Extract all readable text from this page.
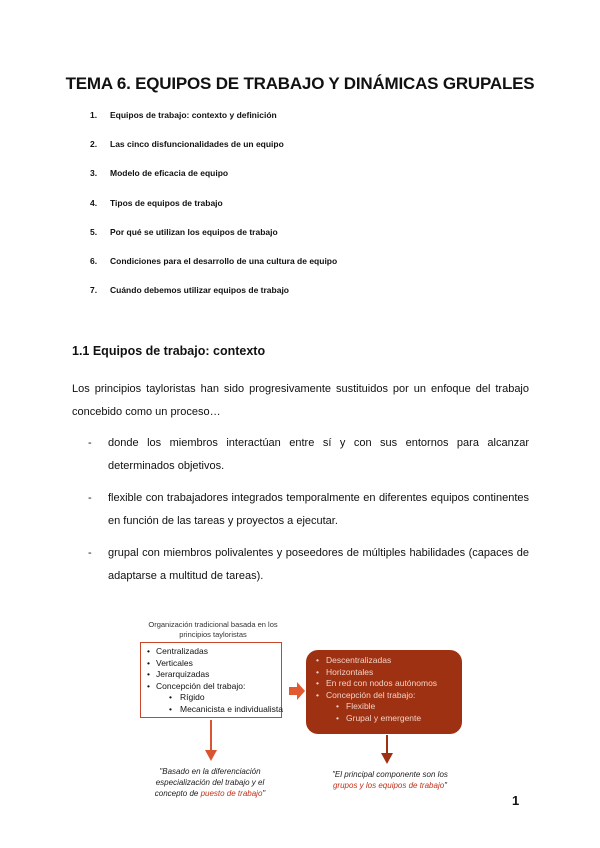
TEMA 6. EQUIPOS DE TRABAJO Y DINÁMICAS GRUPALES
1.	Equipos de trabajo: contexto y definición
2.	Las cinco disfuncionalidades de un equipo
3.	Modelo de eficacia de equipo
4.	Tipos de equipos de trabajo
5.	Por qué se utilizan los equipos de trabajo
6.	Condiciones para el desarrollo de una cultura de equipo
7.	Cuándo debemos utilizar equipos de trabajo
1.1 Equipos de trabajo: contexto
Los principios tayloristas han sido progresivamente sustituidos por un enfoque del trabajo concebido como un proceso…
- donde los miembros interactúan entre sí y con sus entornos para alcanzar determinados objetivos.
- flexible con trabajadores integrados temporalmente en diferentes equipos continentes en función de las tareas y proyectos a ejecutar.
- grupal con miembros polivalentes y poseedores de múltiples habilidades (capaces de adaptarse a multitud de tareas).
Organización tradicional basada en los principios tayloristas
• Centralizadas
• Verticales
• Jerarquizadas
• Concepción del trabajo:
• Rígido
• Mecanicista e individualista
• Descentralizadas
• Horizontales
• En red con nodos autónomos
• Concepción del trabajo:
• Flexible
• Grupal y emergente
"Basado en la diferenciación especialización del trabajo y el concepto de puesto de trabajo"
"El principal componente son los grupos y los equipos de trabajo"
1
